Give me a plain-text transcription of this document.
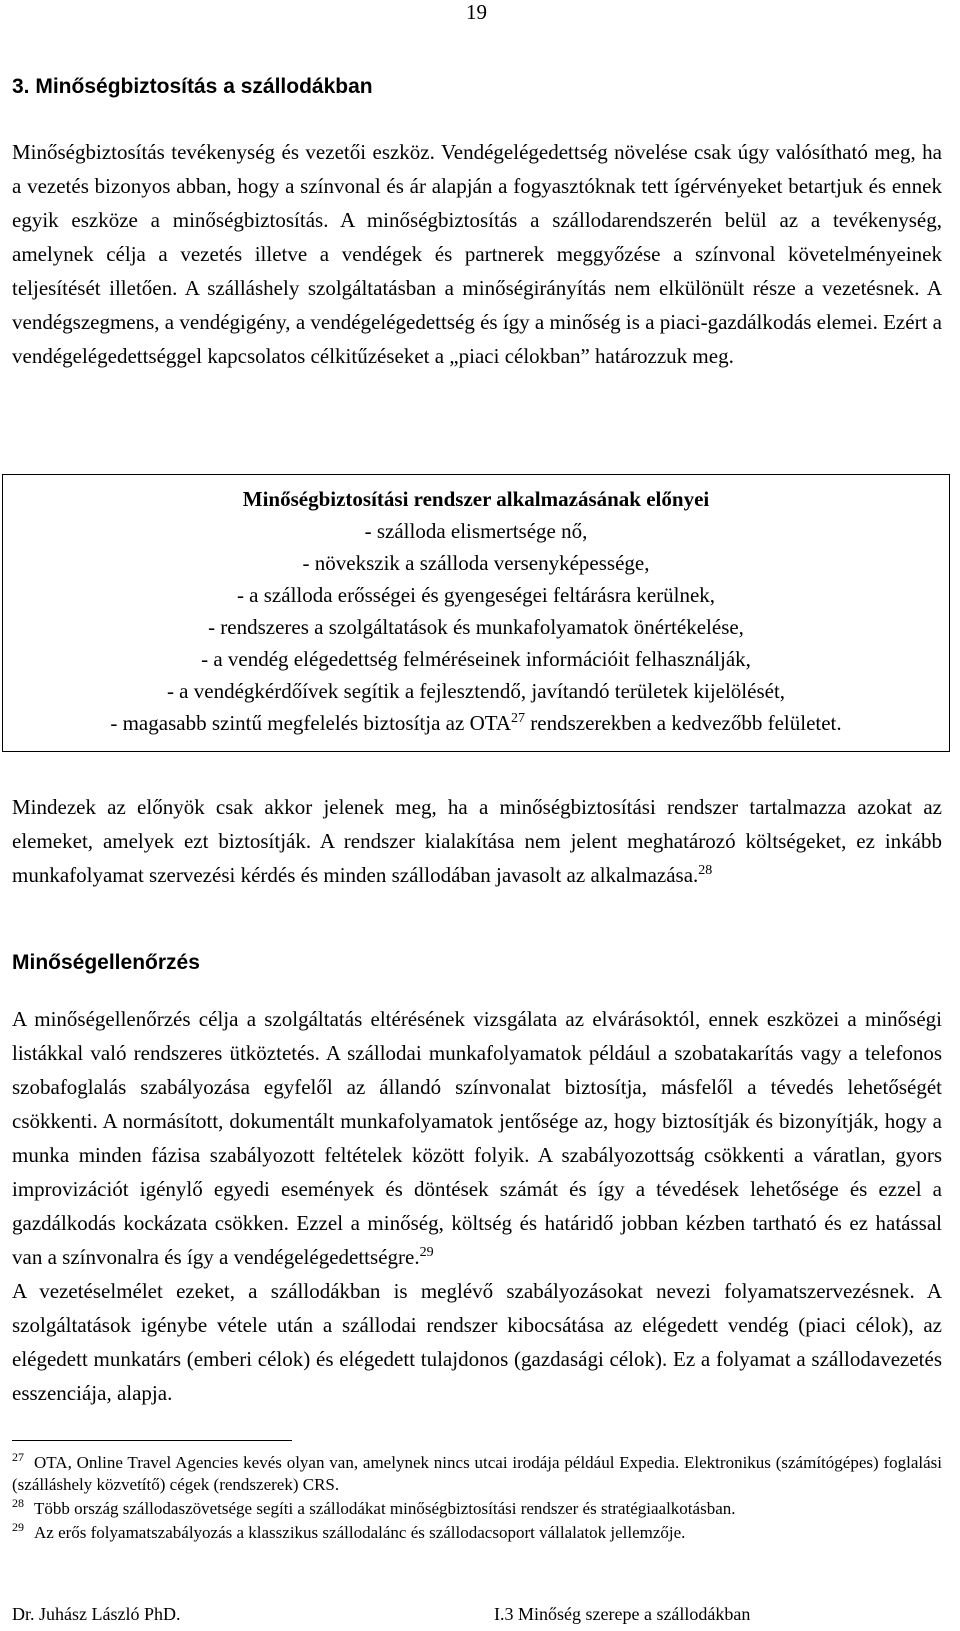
19
3. Minőségbiztosítás a szállodákban

Minőségbiztosítás tevékenység és vezetői eszköz. Vendégelégedettség növelése csak úgy valósítható meg, ha a vezetés bizonyos abban, hogy a színvonal és ár alapján a fogyasztóknak tett ígérvényeket betartjuk és ennek egyik eszköze a minőségbiztosítás. A minőségbiztosítás a szállodarendszerén belül az a tevékenység, amelynek célja a vezetés illetve a vendégek és partnerek meggyőzése a színvonal követelményeinek teljesítését illetően. A szálláshely szolgáltatásban a minőségirányítás nem elkülönült része a vezetésnek. A vendégszegmens, a vendégigény, a vendégelégedettség és így a minőség is a piaci-gazdálkodás elemei. Ezért a vendégelégedettséggel kapcsolatos célkitűzéseket a „piaci célokban” határozzuk meg.

Minőségbiztosítási rendszer alkalmazásának előnyei
- szálloda elismertsége nő,
- növekszik a szálloda versenyképessége,
- a szálloda erősségei és gyengeségei feltárásra kerülnek,
- rendszeres a szolgáltatások és munkafolyamatok önértékelése,
- a vendég elégedettség felméréseinek információit felhasználják,
- a vendégkérdőívek segítik a fejlesztendő, javítandó területek kijelölését,
- magasabb szintű megfelelés biztosítja az OTA$^{27}$ rendszerekben a kedvezőbb felületet.

Mindezek az előnyök csak akkor jelenek meg, ha a minőségbiztosítási rendszer tartalmazza azokat az elemeket, amelyek ezt biztosítják. A rendszer kialakítása nem jelent meghatározó költségeket, ez inkább munkafolyamat szervezési kérdés és minden szállodában javasolt az alkalmazása.$^{28}$

Minőségellenőrzés

A minőségellenőrzés célja a szolgáltatás eltérésének vizsgálata az elvárásoktól, ennek eszközei a minőségi listákkal való rendszeres ütköztetés. A szállodai munkafolyamatok például a szobatakarítás vagy a telefonos szobafoglalás szabályozása egyfelől az állandó színvonalat biztosítja, másfelől a tévedés lehetőségét csökkenti. A normásított, dokumentált munkafolyamatok jentősége az, hogy biztosítják és bizonyítják, hogy a munka minden fázisa szabályozott feltételek között folyik. A szabályozottság csökkenti a váratlan, gyors improvizációt igénylő egyedi események és döntések számát és így a tévedések lehetősége és ezzel a gazdálkodás kockázata csökken. Ezzel a minőség, költség és határidő jobban kézben tartható és ez hatással van a színvonalra és így a vendégelégedettségre.$^{29}$
A vezetéselmélet ezeket, a szállodákban is meglévő szabályozásokat nevezi folyamatszervezésnek. A szolgáltatások igénybe vétele után a szállodai rendszer kibocsátása az elégedett vendég (piaci célok), az elégedett munkatárs (emberi célok) és elégedett tulajdonos (gazdasági célok). Ez a folyamat a szállodavezetés esszenciája, alapja.

$^{27}$ OTA, Online Travel Agencies kevés olyan van, amelynek nincs utcai irodája például Expedia. Elektronikus (számítógépes) foglalási (szálláshely közvetítő) cégek (rendszerek) CRS.

$^{28}$ Több ország szállodaszövetsége segíti a szállodákat minőségbiztosítási rendszer és stratégiaalkotásban.

$^{29}$ Az erős folyamatszabályozás a klasszikus szállodalánc és szállodacsoport vállalatok jellemzője.

Dr. Juhász László PhD.	I.3 Minőség szerepe a szállodákban
